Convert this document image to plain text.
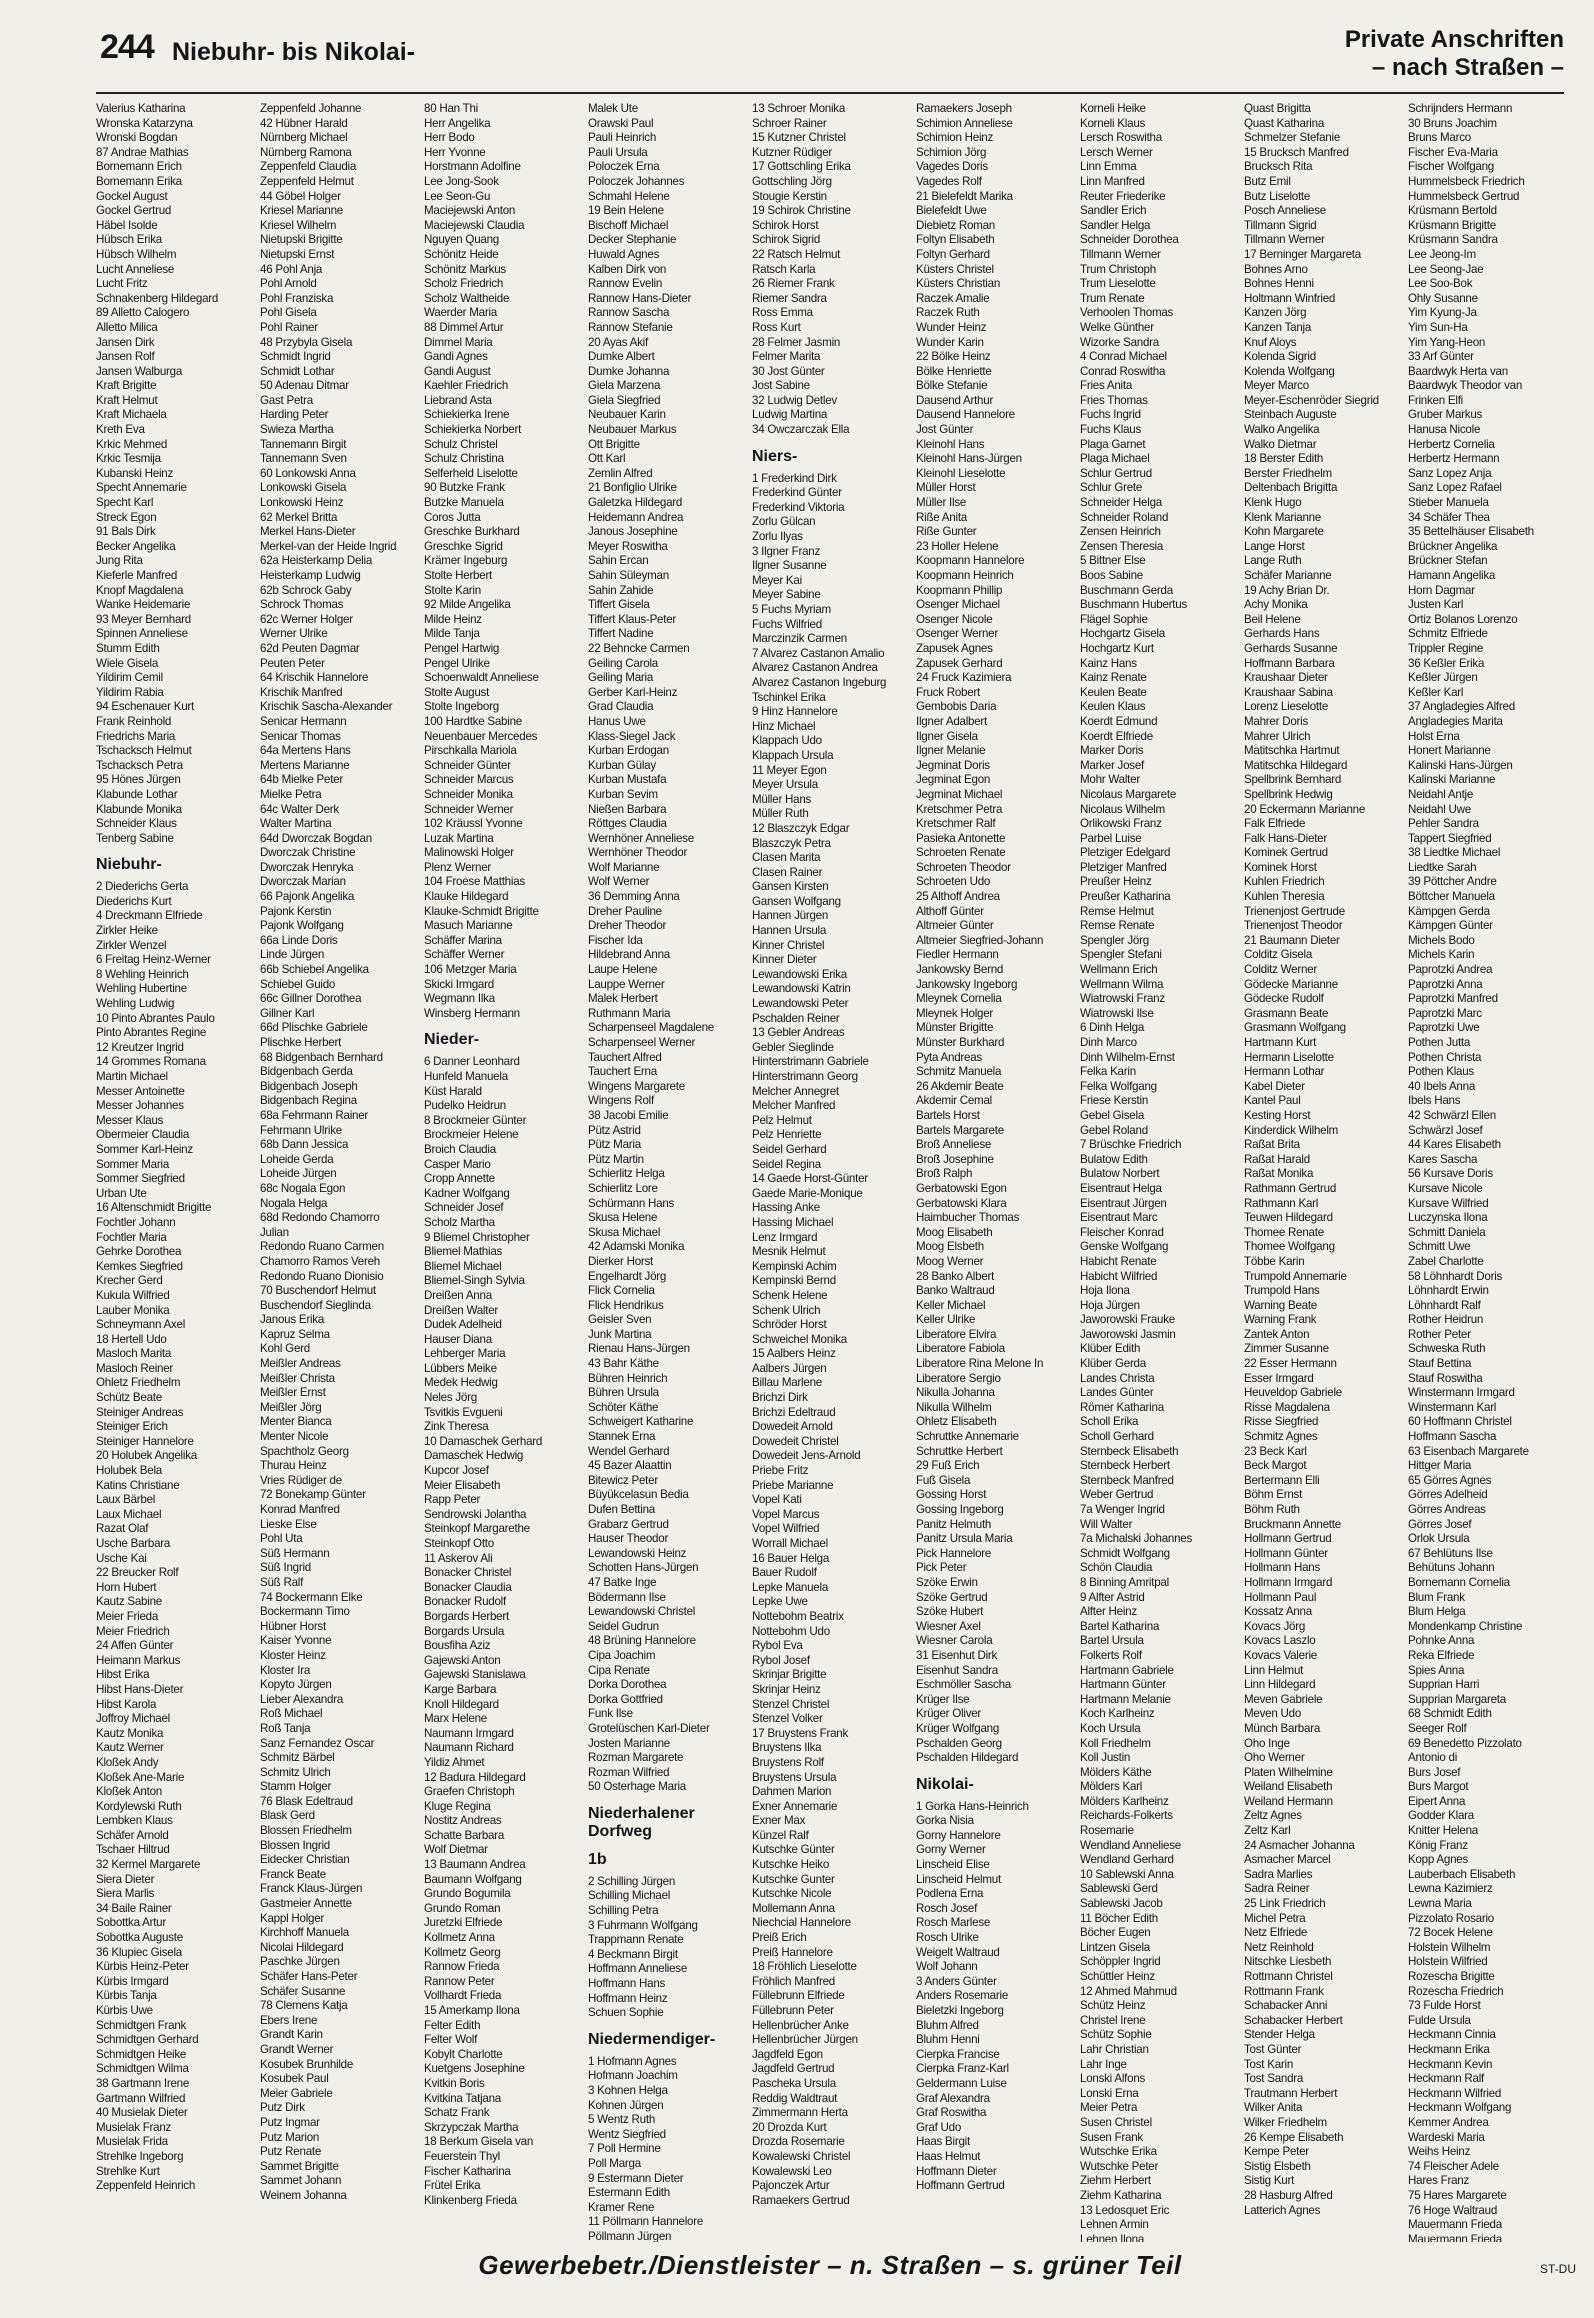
244 Niebuhr- bis Nikolai-	Private Anschriften
– nach Straßen –
Valerius Katharina
Wronska Katarzyna
Wronski Bogdan
87 Andrae Mathias
Bornemann Erich
Bornemann Erika
Gockel August
Gockel Gertrud
Häbel Isolde
Hübsch Erika
Hübsch Wilhelm
Lucht Anneliese
Lucht Fritz
Schnakenberg Hildegard
89 Alletto Calogero
Alletto Milica
Jansen Dirk
Jansen Rolf
Jansen Walburga
Kraft Brigitte
Kraft Helmut
Kraft Michaela
Kreth Eva
Krkic Mehmed
Krkic Tesmija
Kubanski Heinz
Specht Annemarie
Specht Karl
Streck Egon
91 Bals Dirk
Becker Angelika
Jung Rita
Kieferle Manfred
Knopf Magdalena
Wanke Heidemarie
93 Meyer Bernhard
Spinnen Anneliese
Stumm Edith
Wiele Gisela
Yildirim Cemil
Yildirim Rabia
94 Eschenauer Kurt
Frank Reinhold
Friedrichs Maria
Tschacksch Helmut
Tschacksch Petra
95 Hönes Jürgen
Klabunde Lothar
Klabunde Monika
Schneider Klaus
Tenberg Sabine
Niebuhr-
2 Diederichs Gerta
Diederichs Kurt
4 Dreckmann Elfriede
Zirkler Heike
Zirkler Wenzel
6 Freitag Heinz-Werner
8 Wehling Heinrich
Wehling Hubertine
Wehling Ludwig
10 Pinto Abrantes Paulo
Pinto Abrantes Regine
12 Kreutzer Ingrid
14 Grommes Romana
Martin Michael
Messer Antoinette
Messer Johannes
Messer Klaus
Obermeier Claudia
Sommer Karl-Heinz
Sommer Maria
Sommer Siegfried
Urban Ute
16 Altenschmidt Brigitte
Fochtler Johann
Fochtler Maria
Gehrke Dorothea
Kemkes Siegfried
Krecher Gerd
Kukula Wilfried
Lauber Monika
Schneymann Axel
18 Hertell Udo
Masloch Marita
Masloch Reiner
Ohletz Friedhelm
Schütz Beate
Steiniger Andreas
Steiniger Erich
Steiniger Hannelore
20 Holubek Angelika
Holubek Bela
Katins Christiane
Laux Bärbel
Laux Michael
Razat Olaf
Usche Barbara
Usche Kai
22 Breucker Rolf
Horn Hubert
Kautz Sabine
Meier Frieda
Meier Friedrich
24 Affen Günter
Heimann Markus
Hibst Erika
Hibst Hans-Dieter
Hibst Karola
Joffroy Michael
Kautz Monika
Kautz Werner
Kloßek Andy
Kloßek Ane-Marie
Kloßek Anton
Kordylewski Ruth
Lembken Klaus
Schäfer Arnold
Tschaer Hiltrud
32 Kermel Margarete
Siera Dieter
Siera Marlis
34 Baile Rainer
Sobottka Artur
Sobottka Auguste
36 Klupiec Gisela
Kürbis Heinz-Peter
Kürbis Irmgard
Kürbis Tanja
Kürbis Uwe
Schmidtgen Frank
Schmidtgen Gerhard
Schmidtgen Heike
Schmidtgen Wilma
38 Gartmann Irene
Gartmann Wilfried
40 Musielak Dieter
Musielak Franz
Musielak Frida
Strehlke Ingeborg
Strehlke Kurt
Zeppenfeld Heinrich
Zeppenfeld Johanne
42 Hübner Harald
Nürnberg Michael
Nürnberg Ramona
Zeppenfeld Claudia
Zeppenfeld Helmut
44 Göbel Holger
Kriesel Marianne
Kriesel Wilhelm
Nietupski Brigitte
Nietupski Ernst
46 Pohl Anja
Pohl Arnold
Pohl Franziska
Pohl Gisela
Pohl Rainer
48 Przybyla Gisela
Schmidt Ingrid
Schmidt Lothar
50 Adenau Ditmar
Gast Petra
Harding Peter
Swieza Martha
Tannemann Birgit
Tannemann Sven
60 Lonkowski Anna
Lonkowski Gisela
Lonkowski Heinz
62 Merkel Britta
Merkel Hans-Dieter
Merkel-van der Heide Ingrid
62a Heisterkamp Delia
Heisterkamp Ludwig
62b Schrock Gaby
Schrock Thomas
62c Werner Holger
Werner Ulrike
62d Peuten Dagmar
Peuten Peter
64 Krischik Hannelore
Krischik Manfred
Krischik Sascha-Alexander
Senicar Hermann
Senicar Thomas
64a Mertens Hans
Mertens Marianne
64b Mielke Peter
Mielke Petra
64c Walter Derk
Walter Martina
64d Dworczak Bogdan
Dworczak Christine
Dworczak Henryka
Dworczak Marian
66 Pajonk Angelika
Pajonk Kerstin
Pajonk Wolfgang
66a Linde Doris
Linde Jürgen
66b Schiebel Angelika
Schiebel Guido
66c Gillner Dorothea
Gillner Karl
66d Plischke Gabriele
Plischke Herbert
68 Bidgenbach Bernhard
Bidgenbach Gerda
Bidgenbach Joseph
Bidgenbach Regina
68a Fehrmann Rainer
Fehrmann Ulrike
68b Dann Jessica
Loheide Gerda
Loheide Jürgen
68c Nogala Egon
Nogala Helga
68d Redondo Chamorro
Julian
Redondo Ruano Carmen
Chamorro Ramos Vereh
Redondo Ruano Dionisio
70 Buschendorf Helmut
Buschendorf Sieglinda
Janous Erika
Kapruz Selma
Kohl Gerd
Meißler Andreas
Meißler Christa
Meißler Ernst
Meißler Jörg
Menter Bianca
Menter Nicole
Spachtholz Georg
Thurau Heinz
Vries Rüdiger de
72 Bonekamp Günter
Konrad Manfred
Lieske Else
Pohl Uta
Süß Hermann
Süß Ingrid
Süß Ralf
74 Bockermann Elke
Bockermann Timo
Hübner Horst
Kaiser Yvonne
Kloster Heinz
Kloster Ira
Kopyto Jürgen
Lieber Alexandra
Roß Michael
Roß Tanja
Sanz Fernandez Oscar
Schmitz Bärbel
Schmitz Ulrich
Stamm Holger
76 Blask Edeltraud
Blask Gerd
Blossen Friedhelm
Blossen Ingrid
Eidecker Christian
Franck Beate
Franck Klaus-Jürgen
Gastmeier Annette
Kappl Holger
Kirchhoff Manuela
Nicolai Hildegard
Paschke Jürgen
Schäfer Hans-Peter
Schäfer Susanne
78 Clemens Katja
Ebers Irene
Grandt Karin
Grandt Werner
Kosubek Brunhilde
Kosubek Paul
Meier Gabriele
Putz Dirk
Putz Ingmar
Putz Marion
Putz Renate
Sammet Brigitte
Sammet Johann
Weinem Johanna
80 Han Thi
Herr Angelika
Herr Bodo
Herr Yvonne
Horstmann Adolfine
Lee Jong-Sook
Lee Seon-Gu
Maciejewski Anton
Maciejewski Claudia
Nguyen Quang
Schönitz Heide
Schönitz Markus
Scholz Friedrich
Scholz Waltheide
Waerder Maria
88 Dimmel Artur
Dimmel Maria
Gandi Agnes
Gandi August
Kaehler Friedrich
Liebrand Asta
Schiekierka Irene
Schiekierka Norbert
Schulz Christel
Schulz Christina
Selferheld Liselotte
90 Butzke Frank
Butzke Manuela
Coros Jutta
Greschke Burkhard
Greschke Sigrid
Krämer Ingeburg
Stolte Herbert
Stolte Karin
92 Milde Angelika
Milde Heinz
Milde Tanja
Pengel Hartwig
Pengel Ulrike
Schoenwaldt Anneliese
Stolte August
Stolte Ingeborg
100 Hardtke Sabine
Neuenbauer Mercedes
Pirschkalla Mariola
Schneider Günter
Schneider Marcus
Schneider Monika
Schneider Werner
102 Kräussl Yvonne
Luzak Martina
Malinowski Holger
Plenz Werner
104 Froese Matthias
Klauke Hildegard
Klauke-Schmidt Brigitte
Masuch Marianne
Schäffer Marina
Schäffer Werner
106 Metzger Maria
Skicki Irmgard
Wegmann Ilka
Winsberg Hermann
Nieder-
6 Danner Leonhard
Hunfeld Manuela
Küst Harald
Pudelko Heidrun
8 Brockmeier Günter
Brockmeier Helene
Broich Claudia
Casper Mario
Cropp Annette
Kadner Wolfgang
Schneider Josef
Scholz Martha
9 Bliemel Christopher
Bliemel Mathias
Bliemel Michael
Bliemel-Singh Sylvia
Dreißen Anna
Dreißen Walter
Dudek Adelheid
Hauser Diana
Lehberger Maria
Lübbers Meike
Medek Hedwig
Neles Jörg
Tsvitkis Evgueni
Zink Theresa
10 Damaschek Gerhard
Damaschek Hedwig
Kupcor Josef
Meier Elisabeth
Rapp Peter
Sendrowski Jolantha
Steinkopf Margarethe
Steinkopf Otto
11 Askerov Ali
Bonacker Christel
Bonacker Claudia
Bonacker Rudolf
Borgards Herbert
Borgards Ursula
Bousfiha Aziz
Gajewski Anton
Gajewski Stanislawa
Karge Barbara
Knoll Hildegard
Marx Helene
Naumann Irmgard
Naumann Richard
Yildiz Ahmet
12 Badura Hildegard
Graefen Christoph
Kluge Regina
Nostitz Andreas
Schatte Barbara
Wolf Dietmar
13 Baumann Andrea
Baumann Wolfgang
Grundo Bogumila
Grundo Roman
Juretzki Elfriede
Kollmetz Anna
Kollmetz Georg
Rannow Frieda
Rannow Peter
Vollhardt Frieda
15 Amerkamp Ilona
Felter Edith
Felter Wolf
Kobylt Charlotte
Kuetgens Josephine
Kvitkin Boris
Kvitkina Tatjana
Schatz Frank
Skrzypczak Martha
18 Berkum Gisela van
Feuerstein Thyl
Fischer Katharina
Frütel Erika
Klinkenberg Frieda
Malek Ute
Orawski Paul
Pauli Heinrich
Pauli Ursula
Poloczek Erna
Poloczek Johannes
Schmahl Helene
19 Bein Helene
Bischoff Michael
Decker Stephanie
Huwald Agnes
Kalben Dirk von
Rannow Evelin
Rannow Hans-Dieter
Rannow Sascha
Rannow Stefanie
20 Ayas Akif
Dumke Albert
Dumke Johanna
Giela Marzena
Giela Siegfried
Neubauer Karin
Neubauer Markus
Ott Brigitte
Ott Karl
Zemlin Alfred
21 Bonfiglio Ulrike
Galetzka Hildegard
Heidemann Andrea
Janous Josephine
Meyer Roswitha
Sahin Ercan
Sahin Süleyman
Sahin Zahide
Tiffert Gisela
Tiffert Klaus-Peter
Tiffert Nadine
22 Behncke Carmen
Geiling Carola
Geiling Maria
Gerber Karl-Heinz
Grad Claudia
Hanus Uwe
Klass-Siegel Jack
Kurban Erdogan
Kurban Gülay
Kurban Mustafa
Kurban Sevim
Nießen Barbara
Röttges Claudia
Wernhöner Anneliese
Wernhöner Theodor
Wolf Marianne
Wolf Werner
36 Demming Anna
Dreher Pauline
Dreher Theodor
Fischer Ida
Hildebrand Anna
Laupe Helene
Lauppe Werner
Malek Herbert
Ruthmann Maria
Scharpenseel Magdalene
Scharpenseel Werner
Tauchert Alfred
Tauchert Erna
Wingens Margarete
Wingens Rolf
38 Jacobi Emilie
Pütz Astrid
Pütz Maria
Pütz Martin
Schierlitz Helga
Schierlitz Lore
Schürmann Hans
Skusa Helene
Skusa Michael
42 Adamski Monika
Dierker Horst
Engelhardt Jörg
Flick Cornelia
Flick Hendrikus
Geisler Sven
Junk Martina
Rienau Hans-Jürgen
43 Bahr Käthe
Bühren Heinrich
Bühren Ursula
Schöter Käthe
Schweigert Katharine
Stannek Erna
Wendel Gerhard
45 Bazer Alaattin
Bitewicz Peter
Büyükcelasun Bedia
Dufen Bettina
Grabarz Gertrud
Hauser Theodor
Lewandowski Heinz
Schotten Hans-Jürgen
47 Batke Inge
Bödermann Ilse
Lewandowski Christel
Seidel Gudrun
48 Brüning Hannelore
Cipa Joachim
Cipa Renate
Dorka Dorothea
Dorka Gottfried
Funk Ilse
Grotelüschen Karl-Dieter
Josten Marianne
Rozman Margarete
Rozman Wilfried
50 Osterhage Maria
Niederhalener Dorfweg
1b
2 Schilling Jürgen
Schilling Michael
Schilling Petra
3 Fuhrmann Wolfgang
Trappmann Renate
4 Beckmann Birgit
Hoffmann Anneliese
Hoffmann Hans
Hoffmann Heinz
Schuen Sophie
Niedermendiger-
1 Hofmann Agnes
Hofmann Joachim
3 Kohnen Helga
Kohnen Jürgen
5 Wentz Ruth
Wentz Siegfried
7 Poll Hermine
Poll Marga
9 Estermann Dieter
Estermann Edith
Kramer Rene
11 Pöllmann Hannelore
Pöllmann Jürgen
13 Schroer Monika
Schroer Rainer
15 Kutzner Christel
Kutzner Rüdiger
17 Gottschling Erika
Gottschling Jörg
Stougie Kerstin
19 Schirok Christine
Schirok Horst
Schirok Sigrid
22 Ratsch Helmut
Ratsch Karla
26 Riemer Frank
Riemer Sandra
Ross Emma
Ross Kurt
28 Felmer Jasmin
Felmer Marita
30 Jost Günter
Jost Sabine
32 Ludwig Detlev
Ludwig Martina
34 Owczarczak Ella
Niers-
1 Frederkind Dirk
Frederkind Günter
Frederkind Viktoria
Zorlu Gülcan
Zorlu Ilyas
3 Ilgner Franz
Ilgner Susanne
Meyer Kai
Meyer Sabine
5 Fuchs Myriam
Fuchs Wilfried
Marczinzik Carmen
7 Alvarez Castanon Amalio
Alvarez Castanon Andrea
Alvarez Castanon Ingeburg
Tschinkel Erika
9 Hinz Hannelore
Hinz Michael
Klappach Udo
Klappach Ursula
11 Meyer Egon
Meyer Ursula
Müller Hans
Müller Ruth
12 Blaszczyk Edgar
Blaszczyk Petra
Clasen Marita
Clasen Rainer
Gansen Kirsten
Gansen Wolfgang
Hannen Jürgen
Hannen Ursula
Kinner Christel
Kinner Dieter
Lewandowski Erika
Lewandowski Katrin
Lewandowski Peter
Pschalden Reiner
13 Gebler Andreas
Gebler Sieglinde
Hinterstrimann Gabriele
Hinterstrimann Georg
Melcher Annegret
Melcher Manfred
Pelz Helmut
Pelz Henriette
Seidel Gerhard
Seidel Regina
14 Gaede Horst-Günter
Gaede Marie-Monique
Hassing Anke
Hassing Michael
Lenz Irmgard
Mesnik Helmut
Kempinski Achim
Kempinski Bernd
Schenk Helene
Schenk Ulrich
Schröder Horst
Schweichel Monika
15 Aalbers Heinz
Aalbers Jürgen
Billau Marlene
Brichzi Dirk
Brichzi Edeltraud
Dowedeit Arnold
Dowedeit Christel
Dowedeit Jens-Arnold
Priebe Fritz
Priebe Marianne
Vopel Kati
Vopel Marcus
Vopel Wilfried
Worrall Michael
16 Bauer Helga
Bauer Rudolf
Lepke Manuela
Lepke Uwe
Nottebohm Beatrix
Nottebohm Udo
Rybol Eva
Rybol Josef
Skrinjar Brigitte
Skrinjar Heinz
Stenzel Christel
Stenzel Volker
17 Bruystens Frank
Bruystens Ilka
Bruystens Rolf
Bruystens Ursula
Dahmen Marion
Exner Annemarie
Exner Max
Künzel Ralf
Kutschke Günter
Kutschke Heiko
Kutschke Gunter
Kutschke Nicole
Mollemann Anna
Niechcial Hannelore
Preiß Erich
Preiß Hannelore
18 Fröhlich Lieselotte
Fröhlich Manfred
Füllebrunn Elfriede
Füllebrunn Peter
Hellenbrücher Anke
Hellenbrücher Jürgen
Jagdfeld Egon
Jagdfeld Gertrud
Pascheka Ursula
Reddig Waldtraut
Zimmermann Herta
20 Drozda Kurt
Drozda Rosemarie
Kowalewski Christel
Kowalewski Leo
Pajonczek Artur
Ramaekers Gertrud
Ramaekers Joseph
Schimion Anneliese
Schimion Heinz
Schimion Jörg
Vagedes Doris
Vagedes Rolf
21 Bielefeldt Marika
Bielefeldt Uwe
Diebietz Roman
Foltyn Elisabeth
Foltyn Gerhard
Küsters Christel
Küsters Christian
Raczek Amalie
Raczek Ruth
Wunder Heinz
Wunder Karin
22 Bölke Heinz
Bölke Henriette
Bölke Stefanie
Dausend Arthur
Dausend Hannelore
Jost Günter
Kleinohl Hans
Kleinohl Hans-Jürgen
Kleinohl Lieselotte
Müller Horst
Müller Ilse
Riße Anita
Riße Gunter
23 Holler Helene
Koopmann Hannelore
Koopmann Heinrich
Koopmann Phillip
Osenger Michael
Osenger Nicole
Osenger Werner
Zapusek Agnes
Zapusek Gerhard
24 Fruck Kazimiera
Fruck Robert
Gembobis Daria
Ilgner Adalbert
Ilgner Gisela
Ilgner Melanie
Jegminat Doris
Jegminat Egon
Jegminat Michael
Kretschmer Petra
Kretschmer Ralf
Pasieka Antonette
Schroeten Renate
Schroeten Theodor
Schroeten Udo
25 Althoff Andrea
Althoff Günter
Altmeier Günter
Altmeier Siegfried-Johann
Fiedler Hermann
Jankowsky Bernd
Jankowsky Ingeborg
Mleynek Cornelia
Mleynek Holger
Münster Brigitte
Münster Burkhard
Pyta Andreas
Schmitz Manuela
26 Akdemir Beate
Akdemir Cemal
Bartels Horst
Bartels Margarete
Broß Anneliese
Broß Josephine
Broß Ralph
Gerbatowski Egon
Gerbatowski Klara
Haimbucher Thomas
Moog Elisabeth
Moog Elsbeth
Moog Werner
28 Banko Albert
Banko Waltraud
Keller Michael
Keller Ulrike
Liberatore Elvira
Liberatore Fabiola
Liberatore Rina Melone In
Liberatore Sergio
Nikulla Johanna
Nikulla Wilhelm
Ohletz Elisabeth
Schruttke Annemarie
Schruttke Herbert
29 Fuß Erich
Fuß Gisela
Gossing Horst
Gossing Ingeborg
Panitz Helmuth
Panitz Ursula Maria
Pick Hannelore
Pick Peter
Szöke Erwin
Szöke Gertrud
Szöke Hubert
Wiesner Axel
Wiesner Carola
31 Eisenhut Dirk
Eisenhut Sandra
Eschmöller Sascha
Krüger Ilse
Krüger Oliver
Krüger Wolfgang
Pschalden Georg
Pschalden Hildegard
Nikolai-
1 Gorka Hans-Heinrich
Gorka Nisia
Gorny Hannelore
Gorny Werner
Linscheid Elise
Linscheid Helmut
Podlena Erna
Rosch Josef
Rosch Marlese
Rosch Ulrike
Weigelt Waltraud
Wolf Johann
3 Anders Günter
Anders Rosemarie
Bieletzki Ingeborg
Bluhm Alfred
Bluhm Henni
Cierpka Francise
Cierpka Franz-Karl
Geldermann Luise
Graf Alexandra
Graf Roswitha
Graf Udo
Haas Birgit
Haas Helmut
Hoffmann Dieter
Hoffmann Gertrud
Korneli Heike
Korneli Klaus
Lersch Roswitha
Lersch Werner
Linn Emma
Linn Manfred
Reuter Friederike
Sandler Erich
Sandler Helga
Schneider Dorothea
Tillmann Werner
Trum Christoph
Trum Lieselotte
Trum Renate
Verhoolen Thomas
Welke Günther
Wizorke Sandra
4 Conrad Michael
Conrad Roswitha
Fries Anita
Fries Thomas
Fuchs Ingrid
Fuchs Klaus
Plaga Garnet
Plaga Michael
Schlur Gertrud
Schlur Grete
Schneider Helga
Schneider Roland
Zensen Heinrich
Zensen Theresia
5 Bittner Else
Boos Sabine
Buschmann Gerda
Buschmann Hubertus
Flägel Sophie
Hochgartz Gisela
Hochgartz Kurt
Kainz Hans
Kainz Renate
Keulen Beate
Keulen Klaus
Koerdt Edmund
Koerdt Elfriede
Marker Doris
Marker Josef
Mohr Walter
Nicolaus Margarete
Nicolaus Wilhelm
Orlikowski Franz
Parbel Luise
Pletziger Edelgard
Pletziger Manfred
Preußer Heinz
Preußer Katharina
Remse Helmut
Remse Renate
Spengler Jörg
Spengler Stefani
Wellmann Erich
Wellmann Wilma
Wiatrowski Franz
Wiatrowski Ilse
6 Dinh Helga
Dinh Marco
Dinh Wilhelm-Ernst
Felka Karin
Felka Wolfgang
Friese Kerstin
Gebel Gisela
Gebel Roland
7 Brüschke Friedrich
Bulatow Edith
Bulatow Norbert
Eisentraut Helga
Eisentraut Jürgen
Eisentraut Marc
Fleischer Konrad
Genske Wolfgang
Habicht Renate
Habicht Wilfried
Hoja Ilona
Hoja Jürgen
Jaworowski Frauke
Jaworowski Jasmin
Klüber Edith
Klüber Gerda
Landes Christa
Landes Günter
Römer Katharina
Scholl Erika
Scholl Gerhard
Sternbeck Elisabeth
Sternbeck Herbert
Sternbeck Manfred
Weber Gertrud
7a Wenger Ingrid
Will Walter
7a Michalski Johannes
Schmidt Wolfgang
Schön Claudia
8 Binning Amritpal
9 Alfter Astrid
Alfter Heinz
Bartel Katharina
Bartel Ursula
Folkerts Rolf
Hartmann Gabriele
Hartmann Günter
Hartmann Melanie
Koch Karlheinz
Koch Ursula
Koll Friedhelm
Koll Justin
Mölders Käthe
Mölders Karl
Mölders Karlheinz
Reichards-Folkerts
Rosemarie
Wendland Anneliese
Wendland Gerhard
10 Sablewski Anna
Sablewski Gerd
Sablewski Jacob
11 Böcher Edith
Böcher Eugen
Lintzen Gisela
Schöppler Ingrid
Schüttler Heinz
12 Ahmed Mahmud
Schütz Heinz
Christel Irene
Schütz Sophie
Lahr Christian
Lahr Inge
Lonski Alfons
Lonski Erna
Meier Petra
Susen Christel
Susen Frank
Wutschke Erika
Wutschke Peter
Ziehm Herbert
Ziehm Katharina
13 Ledosquet Eric
Lehnen Armin
Lehnen Ilona
Quast Brigitta
Quast Katharina
Schmelzer Stefanie
15 Brucksch Manfred
Brucksch Rita
Butz Emil
Butz Liselotte
Posch Anneliese
Tillmann Sigrid
Tillmann Werner
17 Berninger Margareta
Bohnes Arno
Bohnes Henni
Holtmann Winfried
Kanzen Jörg
Kanzen Tanja
Knuf Aloys
Kolenda Sigrid
Kolenda Wolfgang
Meyer Marco
Meyer-Eschenröder Siegrid
Steinbach Auguste
Walko Angelika
Walko Dietmar
18 Berster Edith
Berster Friedhelm
Deltenbach Brigitta
Klenk Hugo
Klenk Marianne
Kohn Margarete
Lange Horst
Lange Ruth
Schäfer Marianne
19 Achy Brian Dr.
Achy Monika
Beil Helene
Gerhards Hans
Gerhards Susanne
Hoffmann Barbara
Kraushaar Dieter
Kraushaar Sabina
Lorenz Lieselotte
Mahrer Doris
Mahrer Ulrich
Matitschka Hartmut
Matitschka Hildegard
Spellbrink Bernhard
Spellbrink Hedwig
20 Eckermann Marianne
Falk Elfriede
Falk Hans-Dieter
Kominek Gertrud
Kominek Horst
Kuhlen Friedrich
Kuhlen Theresia
Trienenjost Gertrude
Trienenjost Theodor
21 Baumann Dieter
Colditz Gisela
Colditz Werner
Gödecke Marianne
Gödecke Rudolf
Grasmann Beate
Grasmann Wolfgang
Hartmann Kurt
Hermann Liselotte
Hermann Lothar
Kabel Dieter
Kantel Paul
Kesting Horst
Kinderdick Wilhelm
Raßat Brita
Raßat Harald
Raßat Monika
Rathmann Gertrud
Rathmann Karl
Teuwen Hildegard
Thomee Renate
Thomee Wolfgang
Többe Karin
Trumpold Annemarie
Trumpold Hans
Warning Beate
Warning Frank
Zantek Anton
Zimmer Susanne
22 Esser Hermann
Esser Irmgard
Heuveldop Gabriele
Risse Magdalena
Risse Siegfried
Schmitz Agnes
23 Beck Karl
Beck Margot
Bertermann Elli
Böhm Ernst
Böhm Ruth
Bruckmann Annette
Hollmann Gertrud
Hollmann Günter
Hollmann Hans
Hollmann Irmgard
Hollmann Paul
Kossatz Anna
Kovacs Jörg
Kovacs Laszlo
Kovacs Valerie
Linn Helmut
Linn Hildegard
Meven Gabriele
Meven Udo
Münch Barbara
Oho Inge
Oho Werner
Platen Wilhelmine
Weiland Elisabeth
Weiland Hermann
Zeltz Agnes
Zeltz Karl
24 Asmacher Johanna
Asmacher Marcel
Sadra Marlies
Sadra Reiner
25 Link Friedrich
Michel Petra
Netz Elfriede
Netz Reinhold
Nitschke Liesbeth
Rottmann Christel
Rottmann Frank
Schabacker Anni
Schabacker Herbert
Stender Helga
Tost Günter
Tost Karin
Tost Sandra
Trautmann Herbert
Wilker Anita
Wilker Friedhelm
26 Kempe Elisabeth
Kempe Peter
Sistig Elsbeth
Sistig Kurt
28 Hasburg Alfred
Latterich Agnes
Schrijnders Hermann
30 Bruns Joachim
Bruns Marco
Fischer Eva-Maria
Fischer Wolfgang
Hummelsbeck Friedrich
Hummelsbeck Gertrud
Krüsmann Bertold
Krüsmann Brigitte
Krüsmann Sandra
Lee Jeong-Im
Lee Seong-Jae
Lee Soo-Bok
Ohly Susanne
Yim Kyung-Ja
Yim Sun-Ha
Yim Yang-Heon
33 Arf Günter
Baardwyk Herta van
Baardwyk Theodor van
Frinken Elfi
Gruber Markus
Hanusa Nicole
Herbertz Cornelia
Herbertz Hermann
Sanz Lopez Anja
Sanz Lopez Rafael
Stieber Manuela
34 Schäfer Thea
35 Bettelhäuser Elisabeth
Brückner Angelika
Brückner Stefan
Hamann Angelika
Horn Dagmar
Justen Karl
Ortiz Bolanos Lorenzo
Schmitz Elfriede
Trippler Regine
36 Keßler Erika
Keßler Jürgen
Keßler Karl
37 Angladegies Alfred
Angladegies Marita
Holst Erna
Honert Marianne
Kalinski Hans-Jürgen
Kalinski Marianne
Neidahl Antje
Neidahl Uwe
Pehler Sandra
Tappert Siegfried
38 Liedtke Michael
Liedtke Sarah
39 Pöttcher Andre
Böttcher Manuela
Kämpgen Gerda
Kämpgen Günter
Michels Bodo
Michels Karin
Paprotzki Andrea
Paprotzki Anna
Paprotzki Manfred
Paprotzki Marc
Paprotzki Uwe
Pothen Jutta
Pothen Christa
Pothen Klaus
40 Ibels Anna
Ibels Hans
42 Schwärzl Ellen
Schwärzl Josef
44 Kares Elisabeth
Kares Sascha
56 Kursave Doris
Kursave Nicole
Kursave Wilfried
Luczynska Ilona
Schmitt Daniela
Schmitt Uwe
Zabel Charlotte
58 Löhnhardt Doris
Löhnhardt Erwin
Löhnhardt Ralf
Rother Heidrun
Rother Peter
Schweska Ruth
Stauf Bettina
Stauf Roswitha
Winstermann Irmgard
Winstermann Karl
60 Hoffmann Christel
Hoffmann Sascha
63 Eisenbach Margarete
Hittger Maria
65 Görres Agnes
Görres Adelheid
Görres Andreas
Görres Josef
Orlok Ursula
67 Behlütuns Ilse
Behütuns Johann
Bornemann Cornelia
Blum Frank
Blum Helga
Mondenkamp Christine
Pohnke Anna
Reka Elfriede
Spies Anna
Supprian Harri
Supprian Margareta
68 Schmidt Edith
Seeger Rolf
69 Benedetto Pizzolato
Antonio di
Burs Josef
Burs Margot
Eipert Anna
Godder Klara
Knitter Helena
König Franz
Kopp Agnes
Lauberbach Elisabeth
Lewna Kazimierz
Lewna Maria
Pizzolato Rosario
72 Bocek Helene
Holstein Wilhelm
Holstein Wilfried
Rozescha Brigitte
Rozescha Friedrich
73 Fulde Horst
Fulde Ursula
Heckmann Cinnia
Heckmann Erika
Heckmann Kevin
Heckmann Ralf
Heckmann Wilfried
Heckmann Wolfgang
Kemmer Andrea
Wardeski Maria
Weihs Heinz
74 Fleischer Adele
Hares Franz
75 Hares Margarete
76 Hoge Waltraud
Mauermann Frieda
Mauermann Frieda
Gewerbebetr./Dienstleister – n. Straßen – s. grüner Teil	ST-DU
